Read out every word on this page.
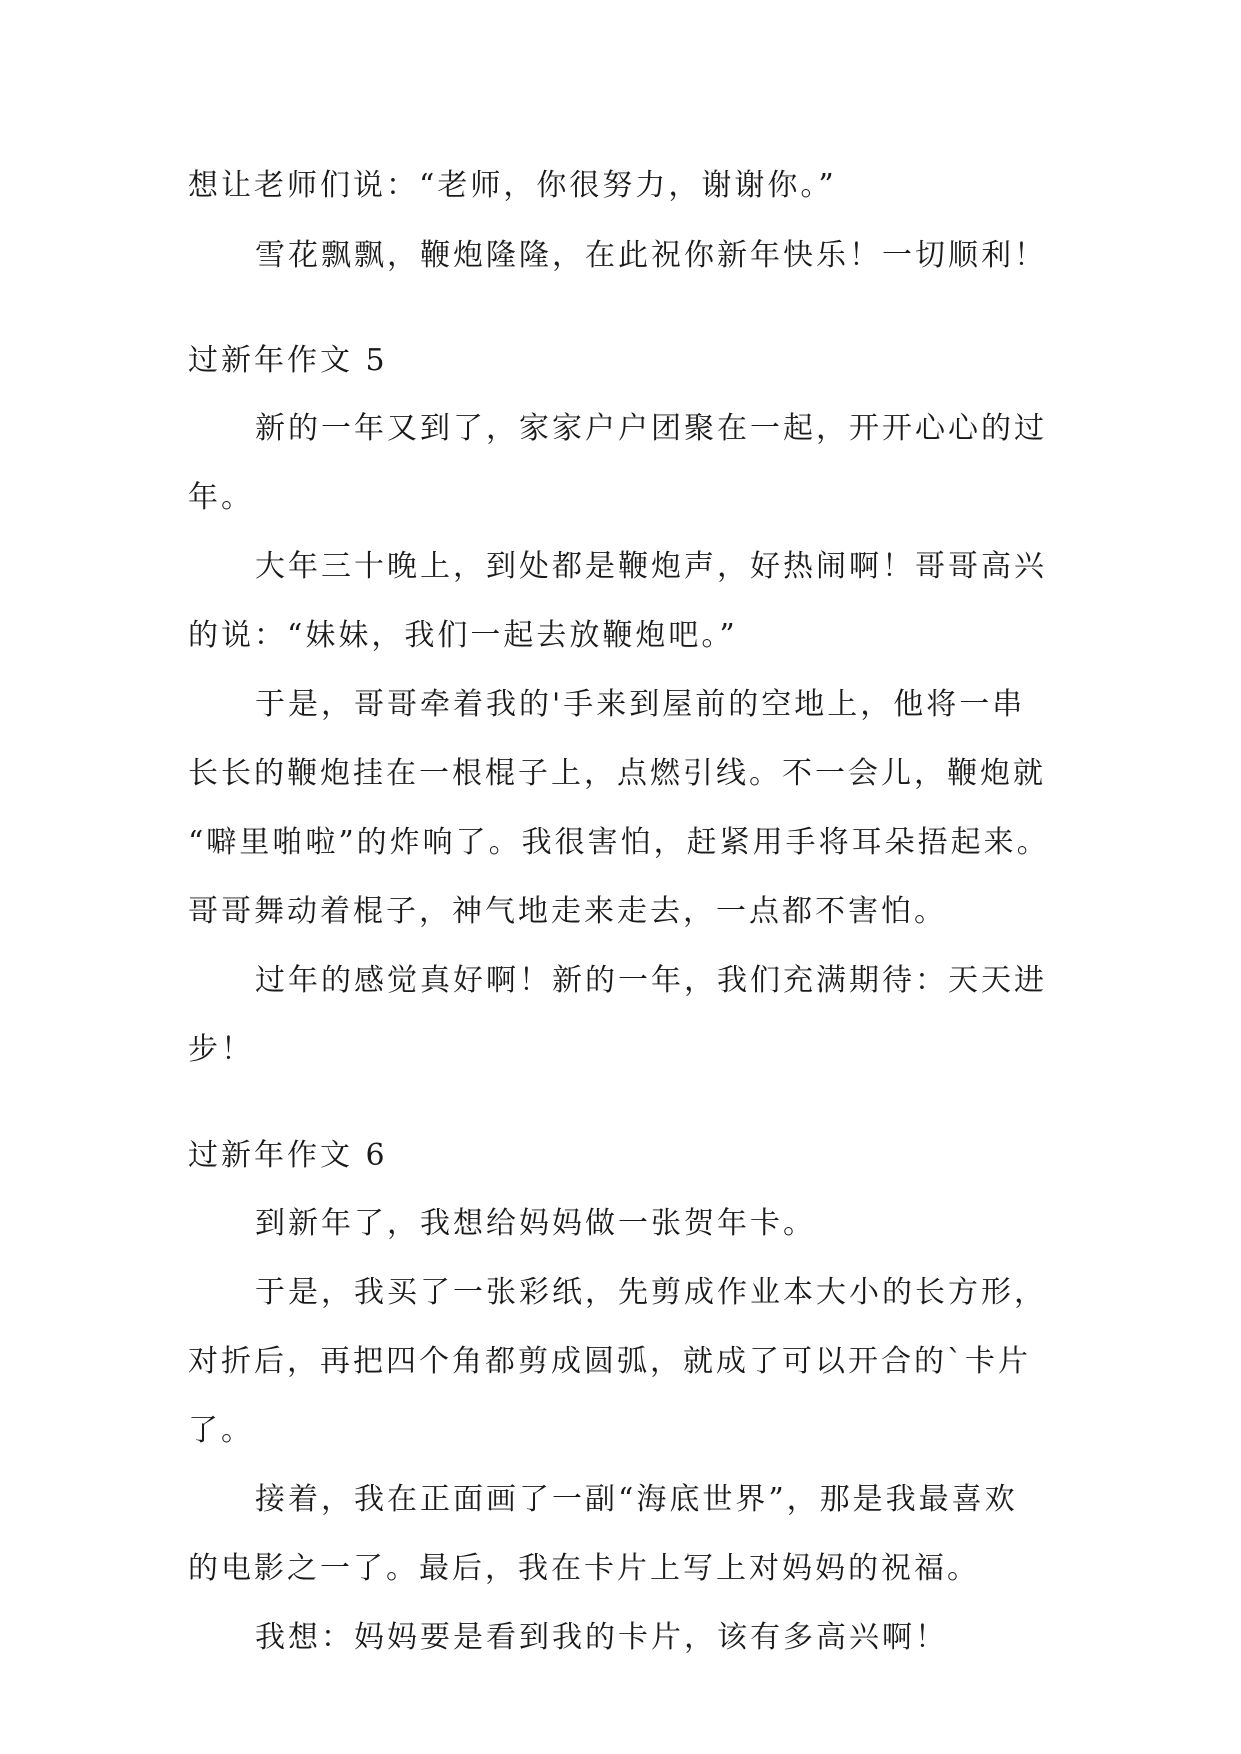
想让老师们说：“老师，你很努力，谢谢你。”
雪花飘飘，鞭炮隆隆，在此祝你新年快乐！一切顺利！
过新年作文 5
新的一年又到了，家家户户团聚在一起，开开心心的过
年。
大年三十晚上，到处都是鞭炮声，好热闹啊！哥哥高兴
的说：“妹妹，我们一起去放鞭炮吧。”
于是，哥哥牵着我的'手来到屋前的空地上，他将一串
长长的鞭炮挂在一根棍子上，点燃引线。不一会儿，鞭炮就
“噼里啪啦”的炸响了。我很害怕，赶紧用手将耳朵捂起来。
哥哥舞动着棍子，神气地走来走去，一点都不害怕。
过年的感觉真好啊！新的一年，我们充满期待：天天进
步！
过新年作文 6
到新年了，我想给妈妈做一张贺年卡。
于是，我买了一张彩纸，先剪成作业本大小的长方形，
对折后，再把四个角都剪成圆弧，就成了可以开合的`卡片
了。
接着，我在正面画了一副“海底世界”，那是我最喜欢
的电影之一了。最后，我在卡片上写上对妈妈的祝福。
我想：妈妈要是看到我的卡片，该有多高兴啊！
